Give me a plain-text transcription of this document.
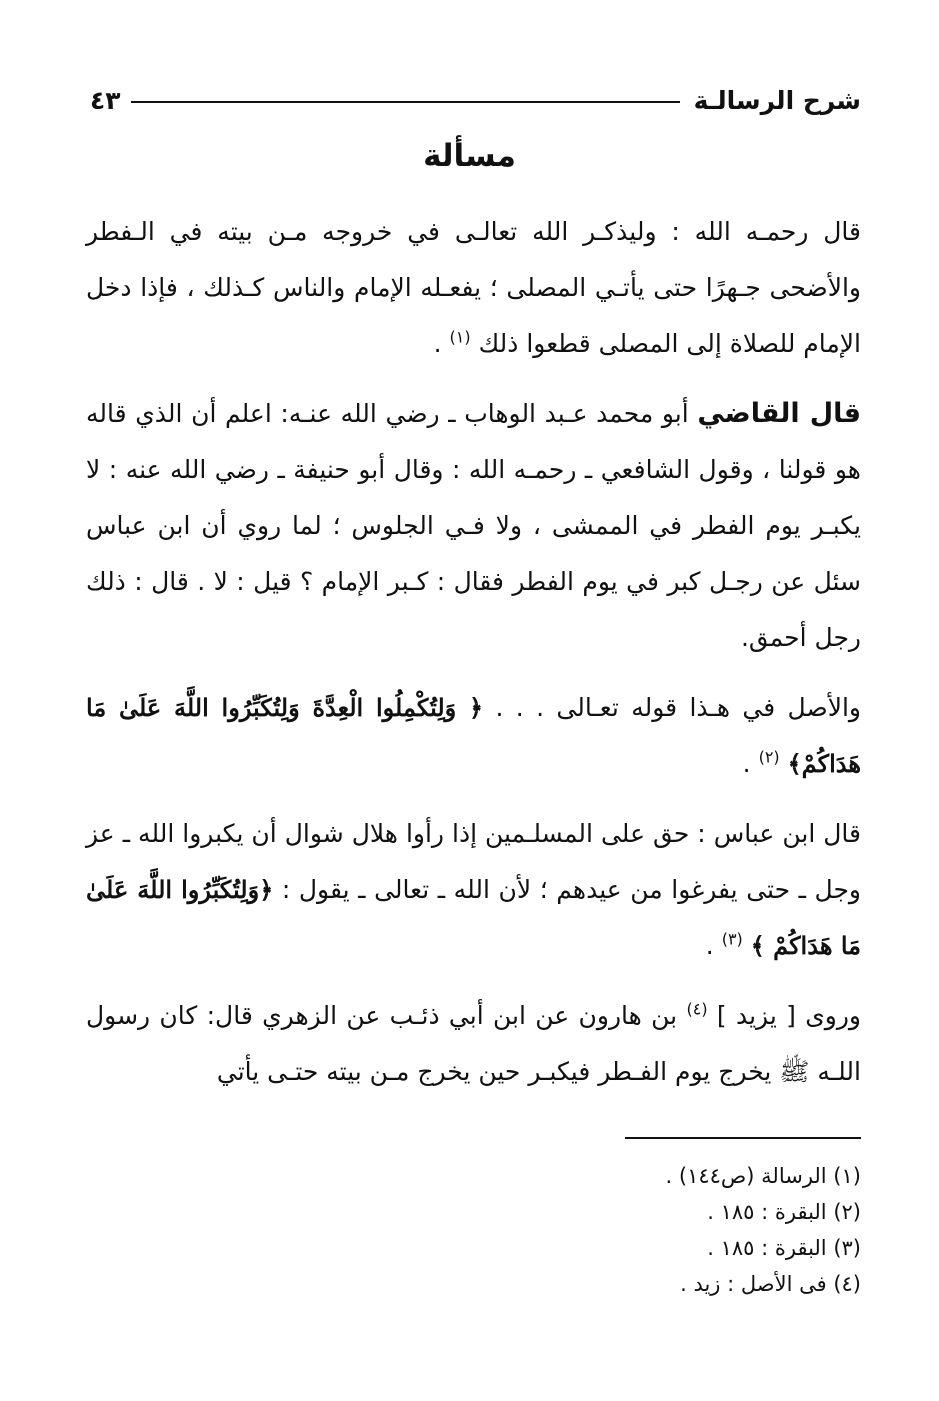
شرح الرسالـة
٤٣
مسألة

قال رحمـه الله : وليذكـر الله تعالـى في خروجه مـن بيته في الـفطر والأضحى جـهرًا حتى يأتـي المصلى ؛ يفعـله الإمام والناس كـذلك ، فإذا دخل الإمام للصلاة إلى المصلى قطعوا ذلك $^{(١)}$ .

قال القاضي أبو محمد عـبد الوهاب ـ رضي الله عنـه: اعلم أن الذي قاله هو قولنا ، وقول الشافعي ـ رحمـه الله : وقال أبو حنيفة ـ رضي الله عنه : لا يكبـر يوم الفطر في الممشى ، ولا فـي الجلوس ؛ لما روي أن ابن عباس سئل عن رجـل كبر في يوم الفطر فقال : كـبر الإمام ؟ قيل : لا . قال : ذلك رجل أحمق.

والأصل في هـذا قوله تعـالى . . . ﴿ وَلِتُكْمِلُوا الْعِدَّةَ وَلِتُكَبِّرُوا اللَّهَ عَلَىٰ مَا هَدَاكُمْ﴾ $^{(٢)}$ .

قال ابن عباس : حق على المسلـمين إذا رأوا هلال شوال أن يكبروا الله ـ عز وجل ـ حتى يفرغوا من عيدهم ؛ لأن الله ـ تعالى ـ يقول : ﴿وَلِتُكَبِّرُوا اللَّهَ عَلَىٰ مَا هَدَاكُمْ ﴾ $^{(٣)}$ .

وروى [ يزيد ] $^{(٤)}$ بن هارون عن ابن أبي ذئـب عن الزهري قال: كان رسول اللـه ﷺ يخرج يوم الفـطر فيكبـر حين يخرج مـن بيته حتـى يأتي

(١) الرسالة (ص١٤٤) .

(٢) البقرة : ١٨٥ .

(٣) البقرة : ١٨٥ .

(٤) فى الأصل : زيد .
